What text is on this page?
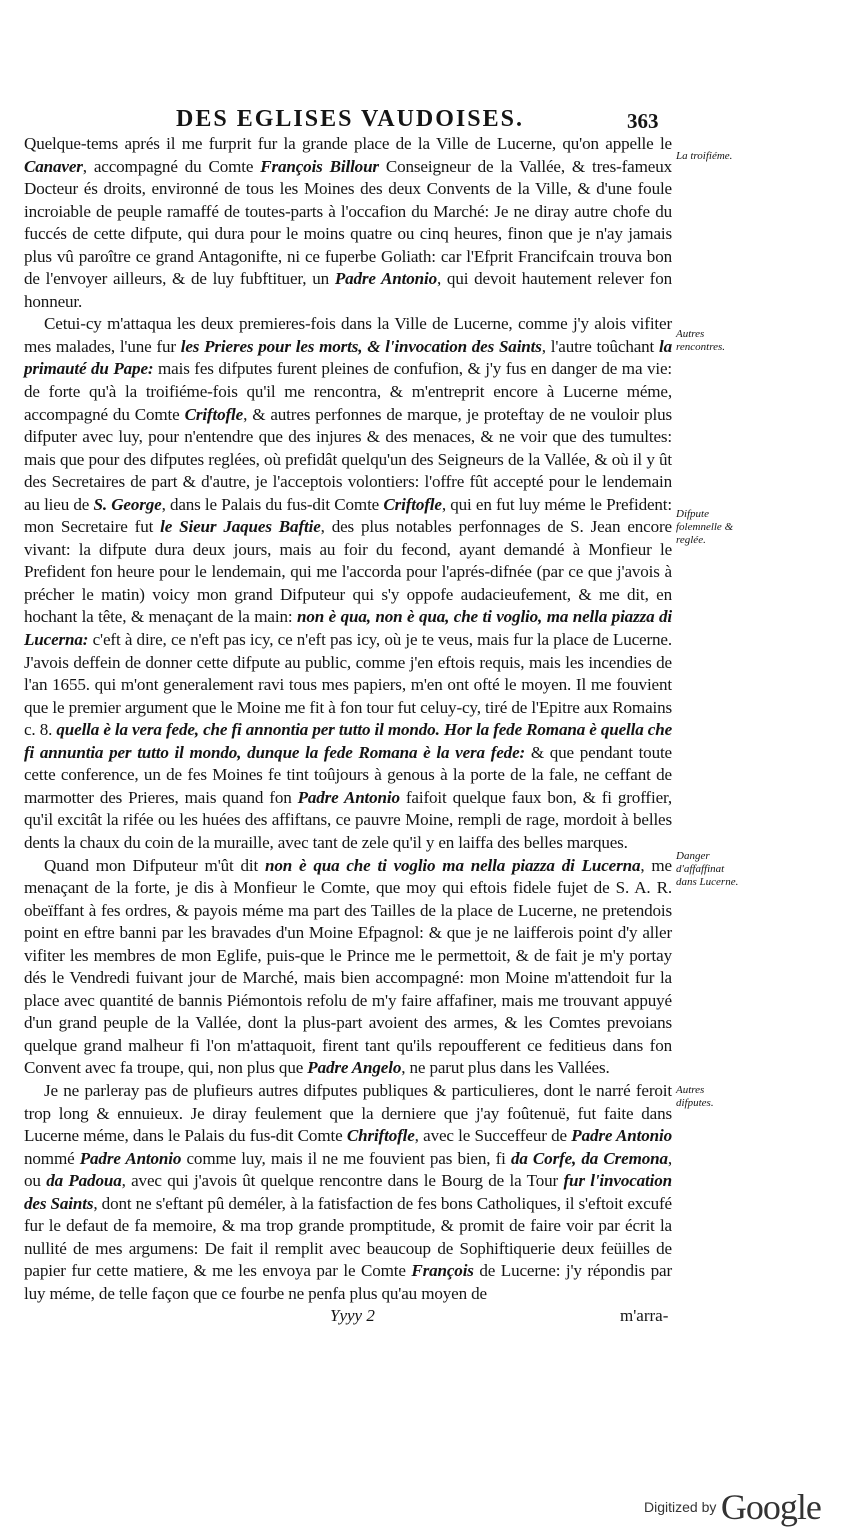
DES EGLISES VAUDOISES.	363

Quelque-tems aprés il me furprit fur la grande place de la Ville de Lucerne, qu'on appelle le Canaver, accompagné du Comte François Billour Conseigneur de la Vallée, & tres-fameux Docteur és droits, environné de tous les Moines des deux Convents de la Ville, & d'une foule incroiable de peuple ramaffé de toutes-parts à l'occafion du Marché: Je ne diray autre chofe du fuccés de cette difpute, qui dura pour le moins quatre ou cinq heures, finon que je n'ay jamais plus vû paroître ce grand Antagonifte, ni ce fuperbe Goliath: car l'Efprit Francifcain trouva bon de l'envoyer ailleurs, & de luy fubftituer, un Padre Antonio, qui devoit hautement relever fon honneur.

Cetui-cy m'attaqua les deux premieres-fois dans la Ville de Lucerne, comme j'y alois vifiter mes malades, l'une fur les Prieres pour les morts, & l'invocation des Saints, l'autre toûchant la primauté du Pape: mais fes difputes furent pleines de confufion, & j'y fus en danger de ma vie: de forte qu'à la troifiéme-fois qu'il me rencontra, & m'entreprit encore à Lucerne méme, accompagné du Comte Criftofle, & autres perfonnes de marque, je proteftay de ne vouloir plus difputer avec luy, pour n'entendre que des injures & des menaces, & ne voir que des tumultes: mais que pour des difputes reglées, où prefidât quelqu'un des Seigneurs de la Vallée, & où il y ût des Secretaires de part & d'autre, je l'acceptois volontiers: l'offre fût accepté pour le lendemain au lieu de S. George, dans le Palais du fus-dit Comte Criftofle, qui en fut luy méme le Prefident: mon Secretaire fut le Sieur Jaques Baftie, des plus notables perfonnages de S. Jean encore vivant: la difpute dura deux jours, mais au foir du fecond, ayant demandé à Monfieur le Prefident fon heure pour le lendemain, qui me l'accorda pour l'aprés-difnée (par ce que j'avois à précher le matin) voicy mon grand Difputeur qui s'y oppofe audacieufement, & me dit, en hochant la tête, & menaçant de la main: non è qua, non è qua, che ti voglio, ma nella piazza di Lucerna: c'eft à dire, ce n'eft pas icy, ce n'eft pas icy, où je te veus, mais fur la place de Lucerne. J'avois deffein de donner cette difpute au public, comme j'en eftois requis, mais les incendies de l'an 1655. qui m'ont generalement ravi tous mes papiers, m'en ont ofté le moyen. Il me fouvient que le premier argument que le Moine me fit à fon tour fut celuy-cy, tiré de l'Epitre aux Romains c. 8. quella è la vera fede, che fi annontia per tutto il mondo. Hor la fede Romana è quella che fi annuntia per tutto il mondo, dunque la fede Romana è la vera fede: & que pendant toute cette conference, un de fes Moines fe tint toûjours à genous à la porte de la fale, ne ceffant de marmotter des Prieres, mais quand fon Padre Antonio faifoit quelque faux bon, & fi groffier, qu'il excitât la rifée ou les huées des affiftans, ce pauvre Moine, rempli de rage, mordoit à belles dents la chaux du coin de la muraille, avec tant de zele qu'il y en laiffa des belles marques.

Quand mon Difputeur m'ût dit non è qua che ti voglio ma nella piazza di Lucerna, me menaçant de la forte, je dis à Monfieur le Comte, que moy qui eftois fidele fujet de S. A. R. obeïffant à fes ordres, & payois méme ma part des Tailles de la place de Lucerne, ne pretendois point en eftre banni par les bravades d'un Moine Efpagnol: & que je ne laifferois point d'y aller vifiter les membres de mon Eglife, puis-que le Prince me le permettoit, & de fait je m'y portay dés le Vendredi fuivant jour de Marché, mais bien accompagné: mon Moine m'attendoit fur la place avec quantité de bannis Piémontois refolu de m'y faire affafiner, mais me trouvant appuyé d'un grand peuple de la Vallée, dont la plus-part avoient des armes, & les Comtes prevoians quelque grand malheur fi l'on m'attaquoit, firent tant qu'ils repoufferent ce feditieus dans fon Convent avec fa troupe, qui, non plus que Padre Angelo, ne parut plus dans les Vallées.

Je ne parleray pas de plufieurs autres difputes publiques & particulieres, dont le narré feroit trop long & ennuieux. Je diray feulement que la derniere que j'ay foûtenuë, fut faite dans Lucerne méme, dans le Palais du fus-dit Comte Chriftofle, avec le Succeffeur de Padre Antonio nommé Padre Antonio comme luy, mais il ne me fouvient pas bien, fi da Corfe, da Cremona, ou da Padoua, avec qui j'avois ût quelque rencontre dans le Bourg de la Tour fur l'invocation des Saints, dont ne s'eftant pû deméler, à la fatisfaction de fes bons Catholiques, il s'eftoit excufé fur le defaut de fa memoire, & ma trop grande promptitude, & promit de faire voir par écrit la nullité de mes argumens: De fait il remplit avec beaucoup de Sophiftiquerie deux feüilles de papier fur cette matiere, & me les envoya par le Comte François de Lucerne: j'y répondis par luy méme, de telle façon que ce fourbe ne penfa plus qu'au moyen de

La troifiéme.
Autres rencontres.
Difpute folemnelle & reglée.
Danger d'affaffinat dans Lucerne.
Autres difputes.
Yyyy 2	m'arra-
Digitized by Google
